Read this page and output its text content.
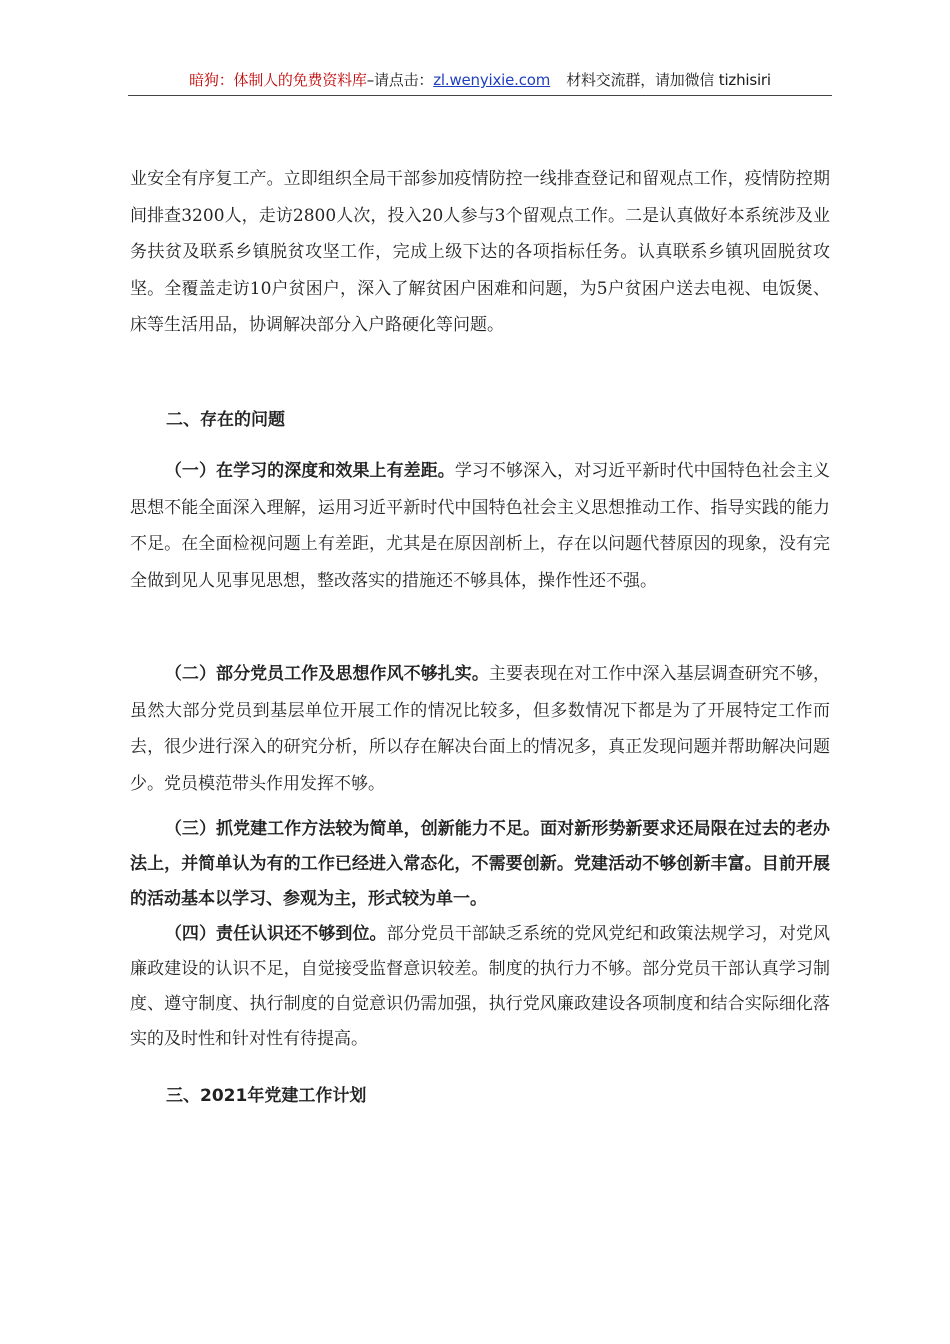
暗狗：体制人的免费资料库–请点击：zl.wenyixie.com 材料交流群，请加微信 tizhisiri

业安全有序复工产。立即组织全局干部参加疫情防控一线排查登记和留观点工作，疫情防控期间排查3200人，走访2800人次，投入20人参与3个留观点工作。二是认真做好本系统涉及业务扶贫及联系乡镇脱贫攻坚工作，完成上级下达的各项指标任务。认真联系乡镇巩固脱贫攻坚。全覆盖走访10户贫困户，深入了解贫困户困难和问题，为5户贫困户送去电视、电饭煲、床等生活用品，协调解决部分入户路硬化等问题。

二、存在的问题

（一）在学习的深度和效果上有差距。学习不够深入，对习近平新时代中国特色社会主义思想不能全面深入理解，运用习近平新时代中国特色社会主义思想推动工作、指导实践的能力不足。在全面检视问题上有差距，尤其是在原因剖析上，存在以问题代替原因的现象，没有完全做到见人见事见思想，整改落实的措施还不够具体，操作性还不强。

（二）部分党员工作及思想作风不够扎实。主要表现在对工作中深入基层调查研究不够，虽然大部分党员到基层单位开展工作的情况比较多，但多数情况下都是为了开展特定工作而去，很少进行深入的研究分析，所以存在解决台面上的情况多，真正发现问题并帮助解决问题少。党员模范带头作用发挥不够。

（三）抓党建工作方法较为简单，创新能力不足。面对新形势新要求还局限在过去的老办法上，并简单认为有的工作已经进入常态化，不需要创新。党建活动不够创新丰富。目前开展的活动基本以学习、参观为主，形式较为单一。

（四）责任认识还不够到位。部分党员干部缺乏系统的党风党纪和政策法规学习，对党风廉政建设的认识不足，自觉接受监督意识较差。制度的执行力不够。部分党员干部认真学习制度、遵守制度、执行制度的自觉意识仍需加强，执行党风廉政建设各项制度和结合实际细化落实的及时性和针对性有待提高。

三、2021年党建工作计划
